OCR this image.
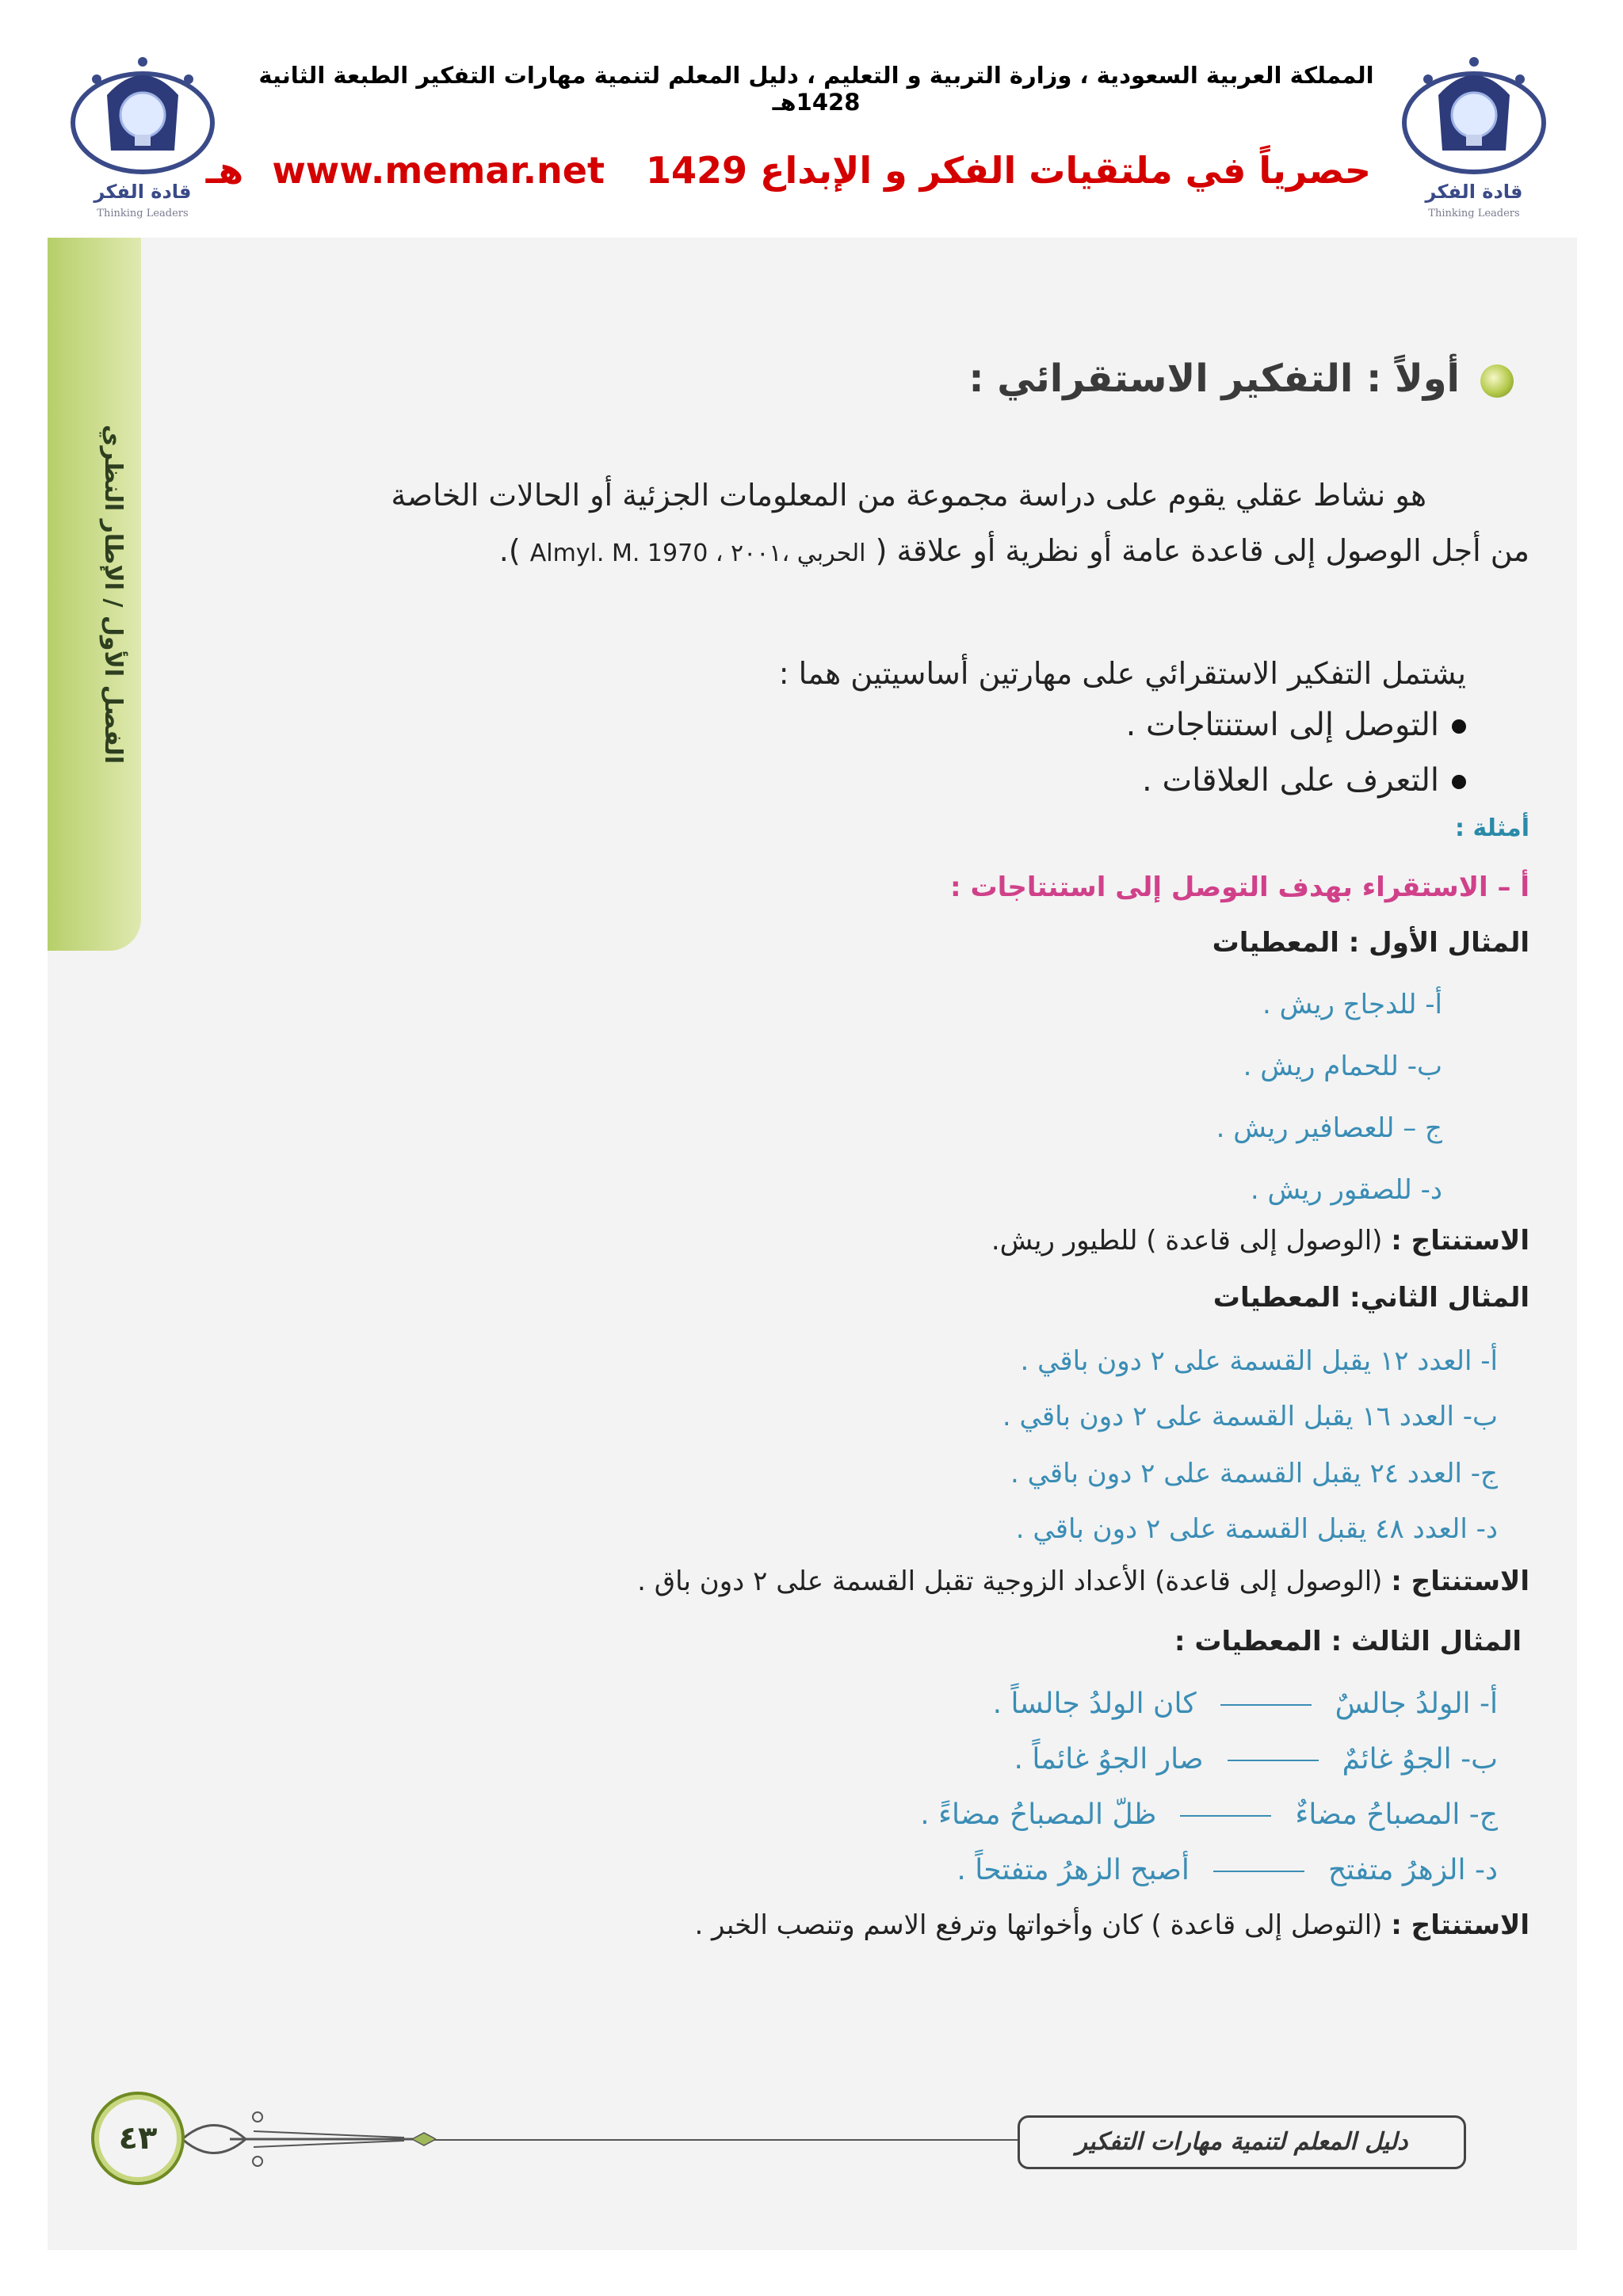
قادة الفكر
Thinking Leaders
قادة الفكر
Thinking Leaders
المملكة العربية السعودية ، وزارة التربية و التعليم ، دليل المعلم لتنمية مهارات التفكير الطبعة الثانية 1428هـ
حصرياً في ملتقيات الفكر و الإبداع www.memar.net 1429هـ
الفصل الأول / الإطار النظري
أولاً : التفكير الاستقرائي :
هو نشاط عقلي يقوم على دراسة مجموعة من المعلومات الجزئية أو الحالات الخاصة
من أجل الوصول إلى قاعدة عامة أو نظرية أو علاقة ( الحربي ،٢٠٠١ ، Almyl. M. 1970 ).
يشتمل التفكير الاستقرائي على مهارتين أساسيتين هما :
التوصل إلى استنتاجات .
التعرف على العلاقات .
أمثلة :
أ – الاستقراء بهدف التوصل إلى استنتاجات :
المثال الأول : المعطيات
أ- للدجاج ريش .
ب- للحمام ريش .
ج – للعصافير ريش .
د- للصقور ريش .
الاستنتاج : (الوصول إلى قاعدة ) للطيور ريش.
المثال الثاني: المعطيات
أ- العدد ١٢ يقبل القسمة على ٢ دون باقي .
ب- العدد ١٦ يقبل القسمة على ٢ دون باقي .
ج- العدد ٢٤ يقبل القسمة على ٢ دون باقي .
د- العدد ٤٨ يقبل القسمة على ٢ دون باقي .
الاستنتاج : (الوصول إلى قاعدة) الأعداد الزوجية تقبل القسمة على ٢ دون باق .
المثال الثالث : المعطيات :
أ- الولدُ جالسٌكان الولدُ جالساً .
ب- الجوُ غائمٌصار الجوُ غائماً .
ج- المصباحُ مضاءٌظلّ المصباحُ مضاءً .
د- الزهرُ متفتحأصبح الزهرُ متفتحاً .
الاستنتاج : (التوصل إلى قاعدة ) كان وأخواتها وترفع الاسم وتنصب الخبر .
٤٣	دليل المعلم لتنمية مهارات التفكير
